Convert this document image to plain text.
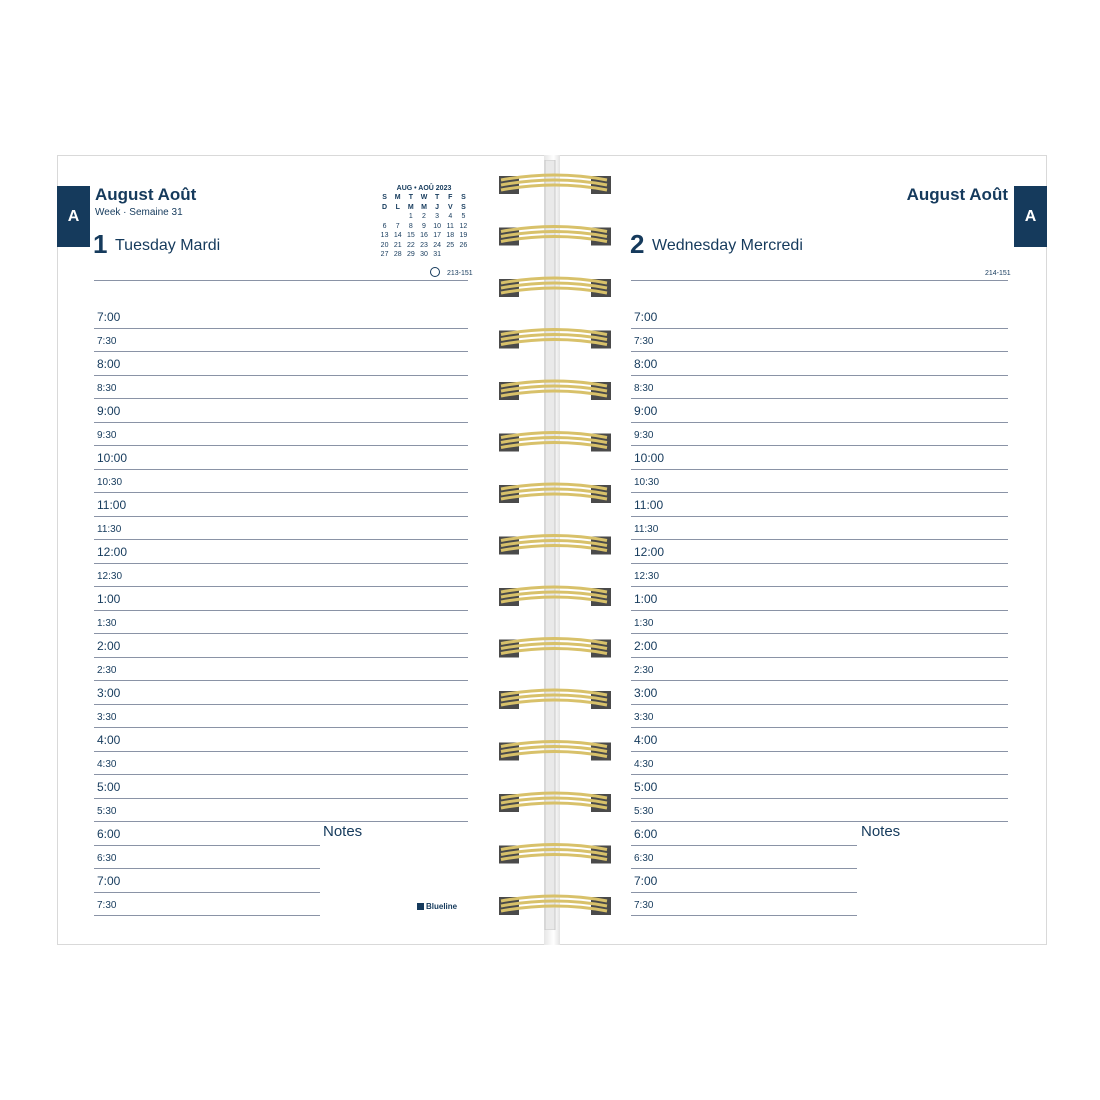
A
August Août
Week · Semaine 31
1 Tuesday Mardi
AUG • AOÛ 2023
S	M	T	W	T	F	S
D	L	M	M	J	V	S
		1	2	3	4	5
6	7	8	9	10	11	12
13	14	15	16	17	18	19
20	21	22	23	24	25	26
27	28	29	30	31		
213-151
7:00
7:30
8:00
8:30
9:00
9:30
10:00
10:30
11:00
11:30
12:00
12:30
1:00
1:30
2:00
2:30
3:00
3:30
4:00
4:30
5:00
5:30
6:00
6:30
7:00
7:30
Notes
Blueline
A
August Août
2 Wednesday Mercredi
214-151
7:00
7:30
8:00
8:30
9:00
9:30
10:00
10:30
11:00
11:30
12:00
12:30
1:00
1:30
2:00
2:30
3:00
3:30
4:00
4:30
5:00
5:30
6:00
6:30
7:00
7:30
Notes
